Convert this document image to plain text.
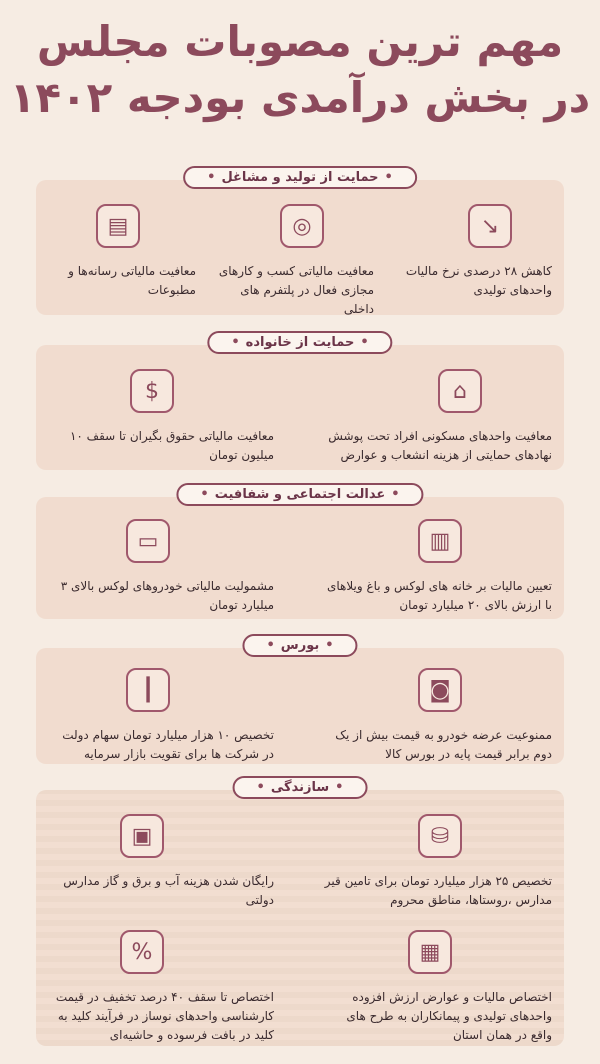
مهم ترین مصوبات مجلس
در بخش درآمدی بودجه ۱۴۰۲
• حمایت از تولید و مشاغل •
↘
کاهش ۲۸ درصدی نرخ مالیات واحدهای تولیدی
◎
معافیت مالیاتی کسب و کارهای مجازی فعال در پلتفرم های داخلی
▤
معافیت مالیاتی رسانه‌ها و مطبوعات
• حمایت از خانواده •
⌂
معافیت واحدهای مسکونی افراد تحت پوشش نهادهای حمایتی از هزینه انشعاب و عوارض
$
معافیت مالیاتی حقوق بگیران تا سقف ۱۰ میلیون تومان
• عدالت اجتماعی و شفافیت •
▥
تعیین مالیات بر خانه های لوکس و باغ ویلاهای با ارزش بالای ۲۰ میلیارد تومان
▭
مشمولیت مالیاتی خودروهای لوکس بالای ۳ میلیارد تومان
• بورس •
◙
ممنوعیت عرضه خودرو به قیمت بیش از یک دوم برابر قیمت پایه در بورس کالا
┃
تخصیص ۱۰ هزار میلیارد تومان سهام دولت در شرکت ها برای تقویت بازار سرمایه
• سازندگی •
⛁
تخصیص ۲۵ هزار میلیارد تومان برای تامین قیر مدارس ،روستاها، مناطق محروم
▣
رایگان شدن هزینه آب و برق و گاز مدارس دولتی
▦
اختصاص مالیات و عوارض ارزش افزوده واحدهای تولیدی و پیمانکاران به طرح های واقع در همان استان
%
اختصاص تا سقف ۴۰ درصد تخفیف در قیمت کارشناسی واحدهای نوساز در فرآیند کلید به کلید در بافت فرسوده و حاشیه‌ای
